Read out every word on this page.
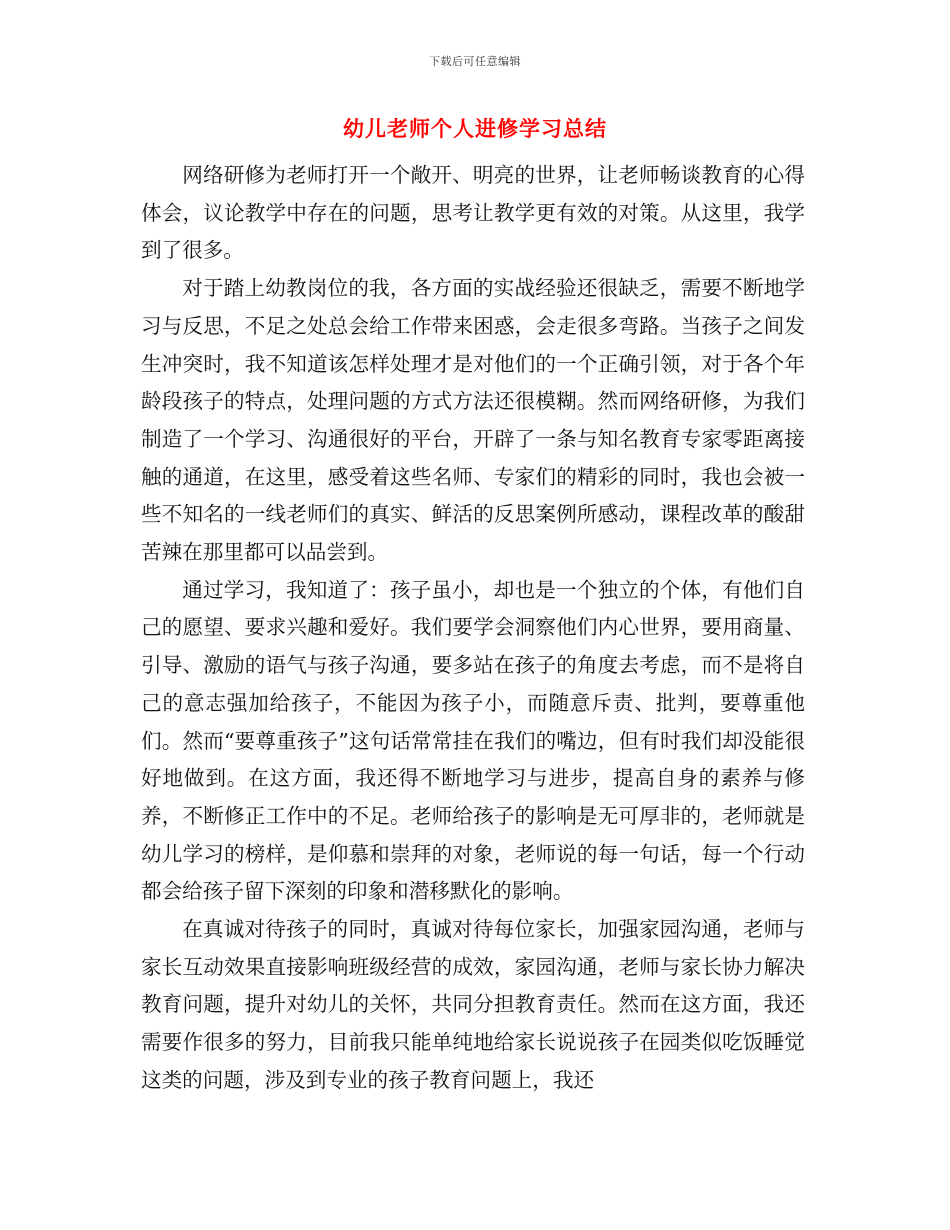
下载后可任意编辑
幼儿老师个人进修学习总结

网络研修为老师打开一个敞开、明亮的世界，让老师畅谈教育的心得体会，议论教学中存在的问题，思考让教学更有效的对策。从这里，我学到了很多。

对于踏上幼教岗位的我，各方面的实战经验还很缺乏，需要不断地学习与反思，不足之处总会给工作带来困惑，会走很多弯路。当孩子之间发生冲突时，我不知道该怎样处理才是对他们的一个正确引领，对于各个年龄段孩子的特点，处理问题的方式方法还很模糊。然而网络研修，为我们制造了一个学习、沟通很好的平台，开辟了一条与知名教育专家零距离接触的通道，在这里，感受着这些名师、专家们的精彩的同时，我也会被一些不知名的一线老师们的真实、鲜活的反思案例所感动，课程改革的酸甜苦辣在那里都可以品尝到。

通过学习，我知道了：孩子虽小，却也是一个独立的个体，有他们自己的愿望、要求兴趣和爱好。我们要学会洞察他们内心世界，要用商量、引导、激励的语气与孩子沟通，要多站在孩子的角度去考虑，而不是将自己的意志强加给孩子，不能因为孩子小，而随意斥责、批判，要尊重他们。然而“要尊重孩子”这句话常常挂在我们的嘴边，但有时我们却没能很好地做到。在这方面，我还得不断地学习与进步，提高自身的素养与修养，不断修正工作中的不足。老师给孩子的影响是无可厚非的，老师就是幼儿学习的榜样，是仰慕和崇拜的对象，老师说的每一句话，每一个行动都会给孩子留下深刻的印象和潜移默化的影响。

在真诚对待孩子的同时，真诚对待每位家长，加强家园沟通，老师与家长互动效果直接影响班级经营的成效，家园沟通，老师与家长协力解决教育问题，提升对幼儿的关怀，共同分担教育责任。然而在这方面，我还需要作很多的努力，目前我只能单纯地给家长说说孩子在园类似吃饭睡觉这类的问题，涉及到专业的孩子教育问题上，我还
